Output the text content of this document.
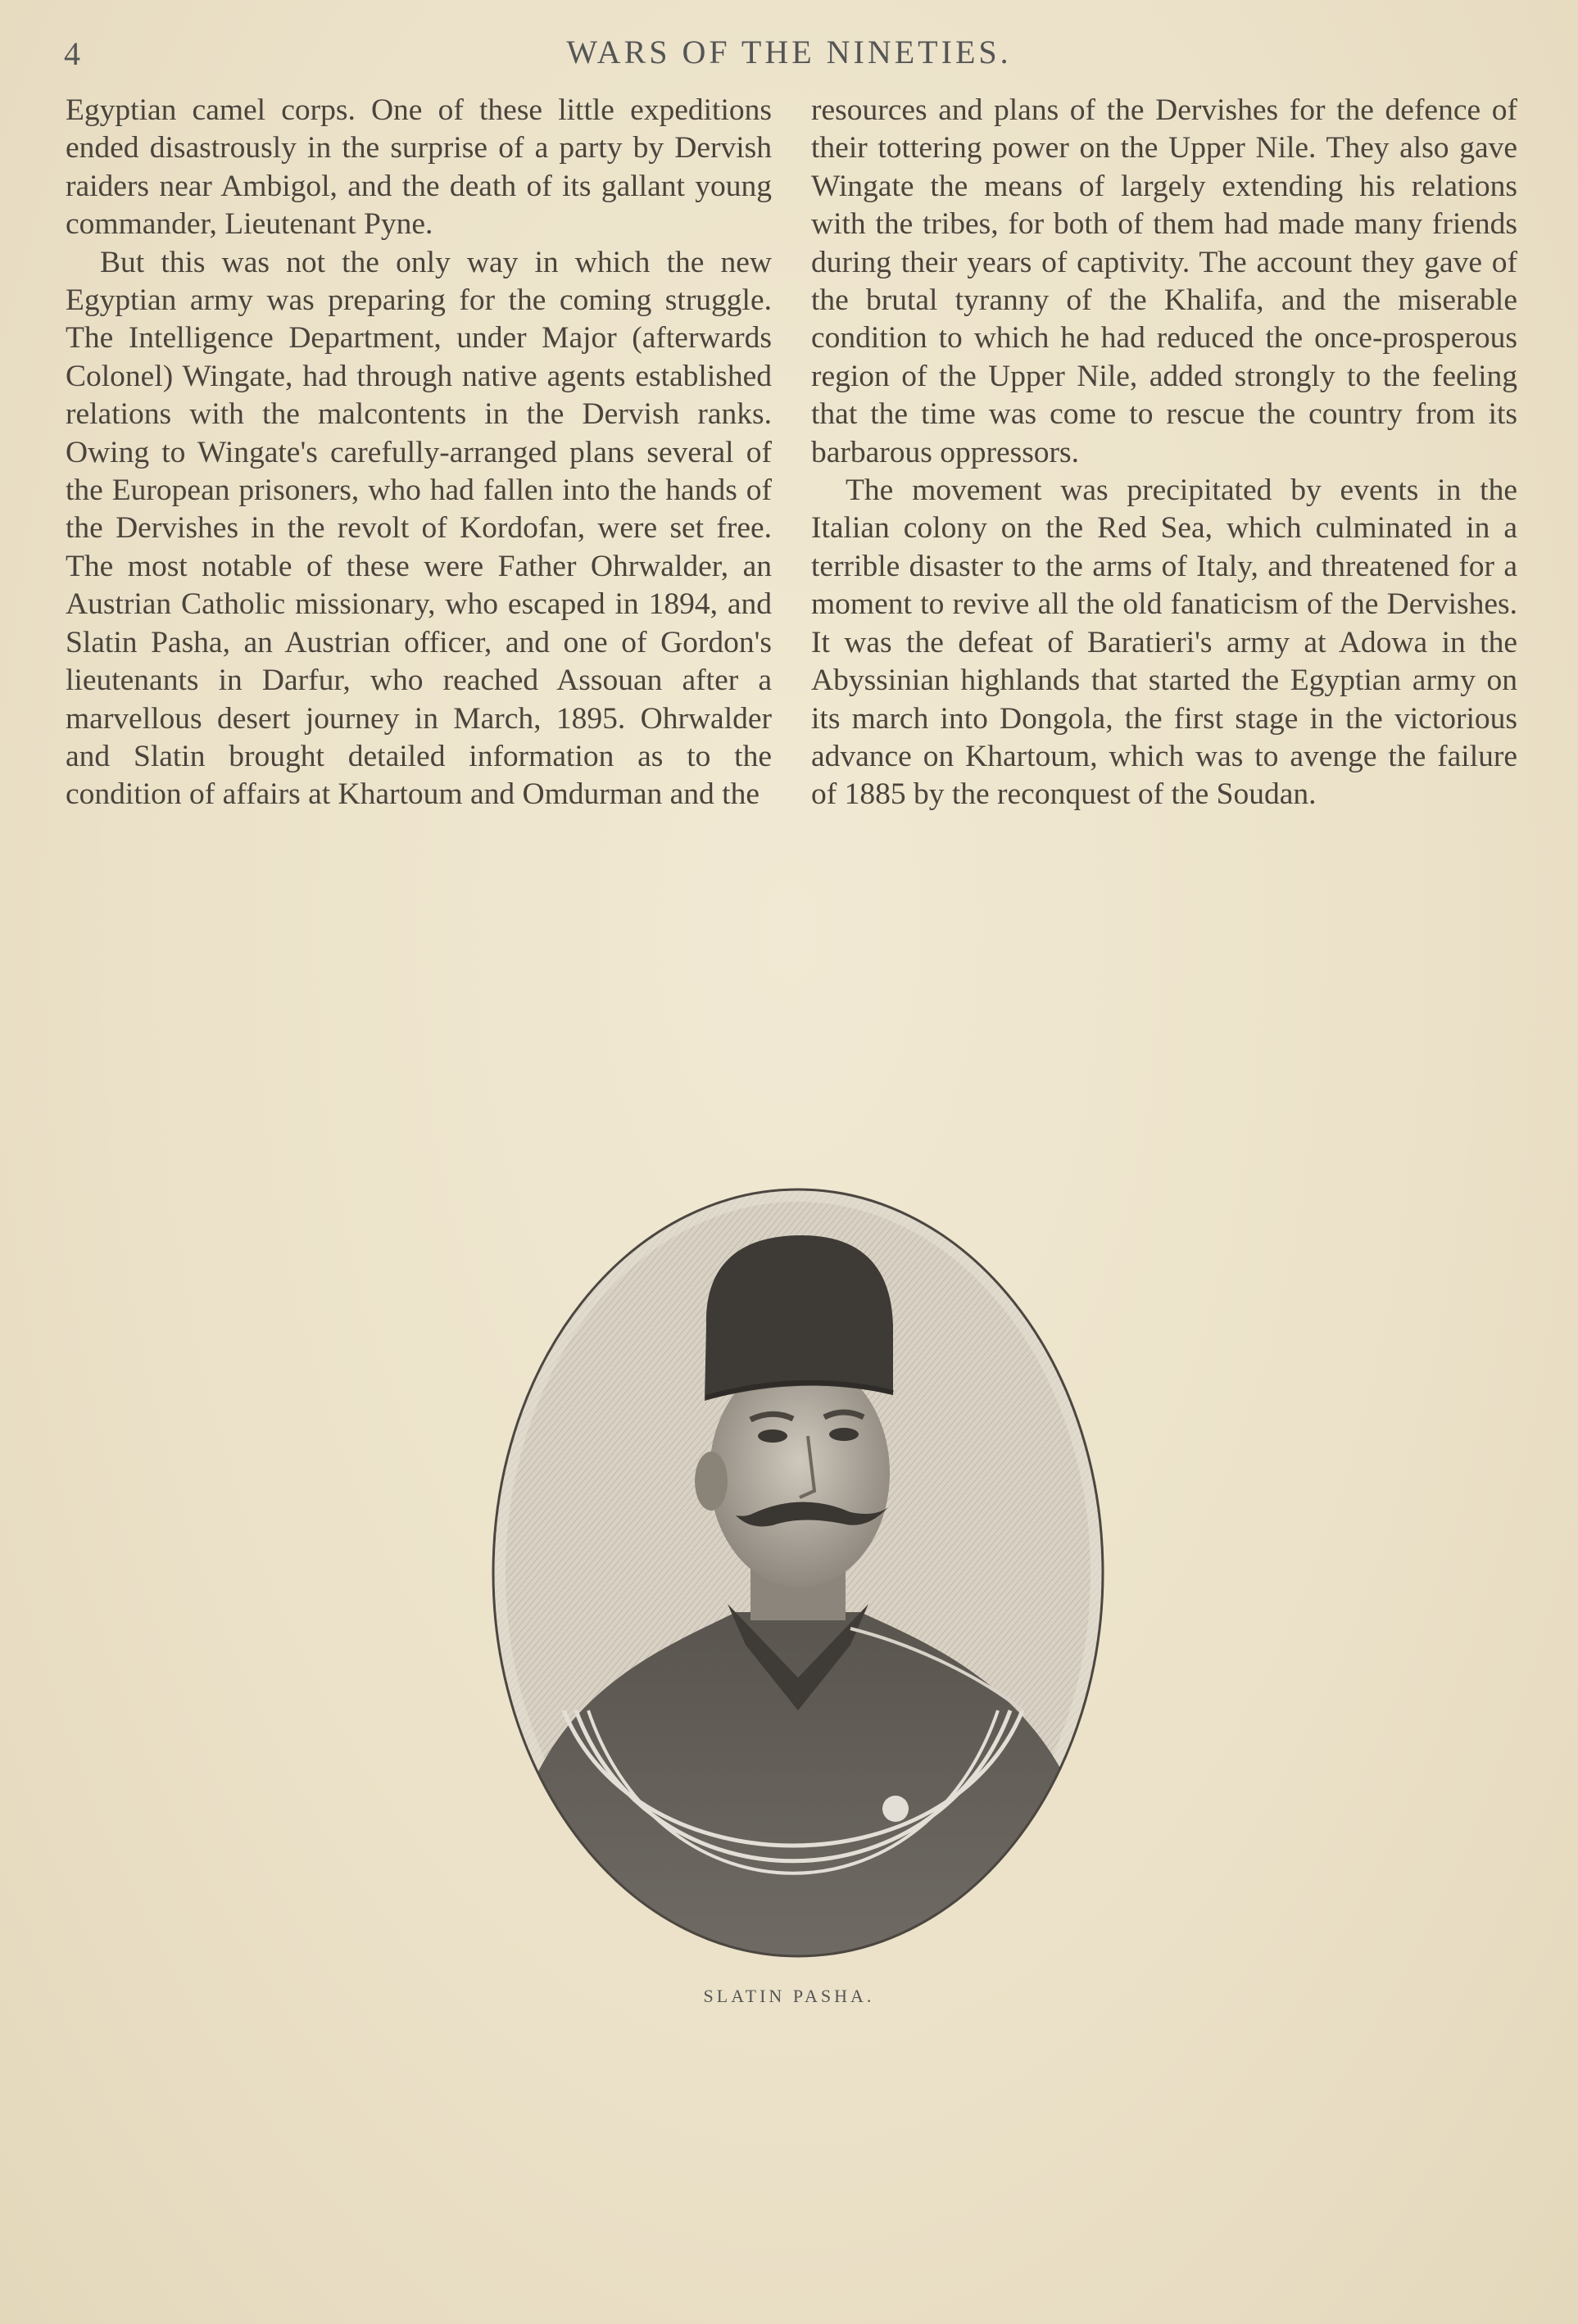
4	WARS OF THE NINETIES.

Egyptian camel corps. One of these little expeditions ended disastrously in the surprise of a party by Dervish raiders near Ambigol, and the death of its gallant young commander, Lieutenant Pyne.

But this was not the only way in which the new Egyptian army was preparing for the coming struggle. The Intelligence Department, under Major (afterwards Colonel) Wingate, had through native agents established relations with the malcontents in the Dervish ranks. Owing to Wingate's carefully-arranged plans several of the European prisoners, who had fallen into the hands of the Dervishes in the revolt of Kordofan, were set free. The most notable of these were Father Ohrwalder, an Austrian Catholic missionary, who escaped in 1894, and Slatin Pasha, an Austrian officer, and one of Gordon's lieutenants in Darfur, who reached Assouan after a marvellous desert journey in March, 1895. Ohrwalder and Slatin brought detailed information as to the condition of affairs at Khartoum and Omdurman and the

resources and plans of the Dervishes for the defence of their tottering power on the Upper Nile. They also gave Wingate the means of largely extending his relations with the tribes, for both of them had made many friends during their years of captivity. The account they gave of the brutal tyranny of the Khalifa, and the miserable condition to which he had reduced the once-prosperous region of the Upper Nile, added strongly to the feeling that the time was come to rescue the country from its barbarous oppressors.

The movement was precipitated by events in the Italian colony on the Red Sea, which culminated in a terrible disaster to the arms of Italy, and threatened for a moment to revive all the old fanaticism of the Dervishes. It was the defeat of Baratieri's army at Adowa in the Abyssinian highlands that started the Egyptian army on its march into Dongola, the first stage in the victorious advance on Khartoum, which was to avenge the failure of 1885 by the reconquest of the Soudan.

SLATIN PASHA.
